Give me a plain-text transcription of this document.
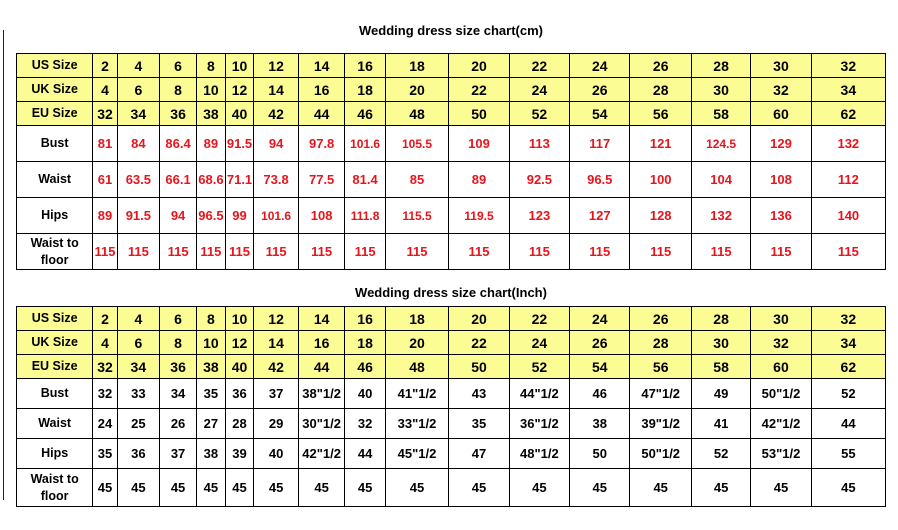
Wedding dress size chart(cm)
US Size	2	4	6	8	10	12	14	16	18	20	22	24	26	28	30	32
UK Size	4	6	8	10	12	14	16	18	20	22	24	26	28	30	32	34
EU Size	32	34	36	38	40	42	44	46	48	50	52	54	56	58	60	62
Bust	81	84	86.4	89	91.5	94	97.8	101.6	105.5	109	113	117	121	124.5	129	132
Waist	61	63.5	66.1	68.6	71.1	73.8	77.5	81.4	85	89	92.5	96.5	100	104	108	112
Hips	89	91.5	94	96.5	99	101.6	108	111.8	115.5	119.5	123	127	128	132	136	140
Waist to floor	115	115	115	115	115	115	115	115	115	115	115	115	115	115	115	115
Wedding dress size chart(Inch)
US Size	2	4	6	8	10	12	14	16	18	20	22	24	26	28	30	32
UK Size	4	6	8	10	12	14	16	18	20	22	24	26	28	30	32	34
EU Size	32	34	36	38	40	42	44	46	48	50	52	54	56	58	60	62
Bust	32	33	34	35	36	37	38"1/2	40	41"1/2	43	44"1/2	46	47"1/2	49	50"1/2	52
Waist	24	25	26	27	28	29	30"1/2	32	33"1/2	35	36"1/2	38	39"1/2	41	42"1/2	44
Hips	35	36	37	38	39	40	42"1/2	44	45"1/2	47	48"1/2	50	50"1/2	52	53"1/2	55
Waist to floor	45	45	45	45	45	45	45	45	45	45	45	45	45	45	45	45
